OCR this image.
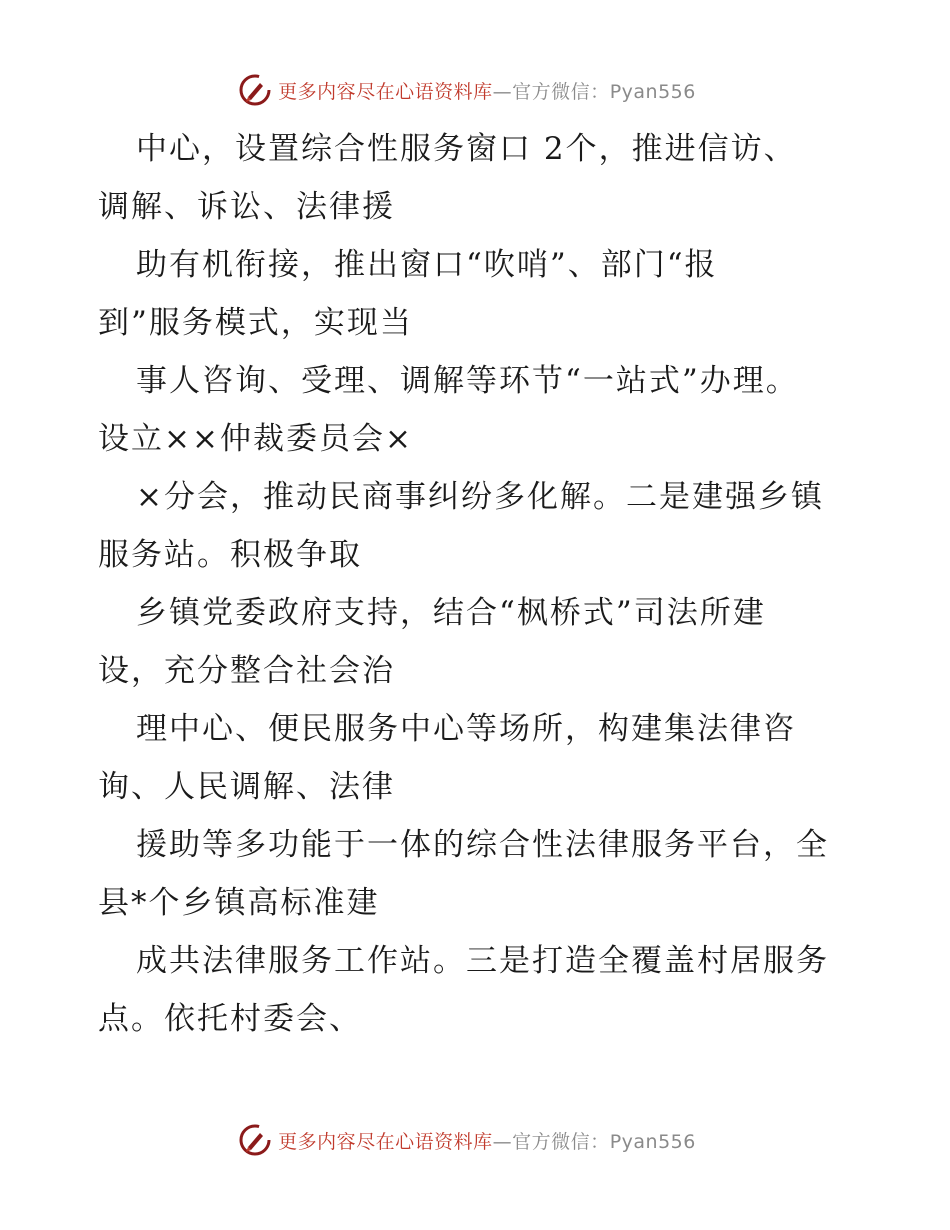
更多内容尽在心语资料库—官方微信：Pyan556
中心，设置综合性服务窗口 2个，推进信访、
调解、诉讼、法律援
助有机衔接，推出窗口“吹哨”、部门“报
到”服务模式，实现当
事人咨询、受理、调解等环节“一站式”办理。
设立××仲裁委员会×
×分会，推动民商事纠纷多化解。二是建强乡镇
服务站。积极争取
乡镇党委政府支持，结合“枫桥式”司法所建
设，充分整合社会治
理中心、便民服务中心等场所，构建集法律咨
询、人民调解、法律
援助等多功能于一体的综合性法律服务平台，全
县*个乡镇高标准建
成共法律服务工作站。三是打造全覆盖村居服务
点。依托村委会、
更多内容尽在心语资料库—官方微信：Pyan556
